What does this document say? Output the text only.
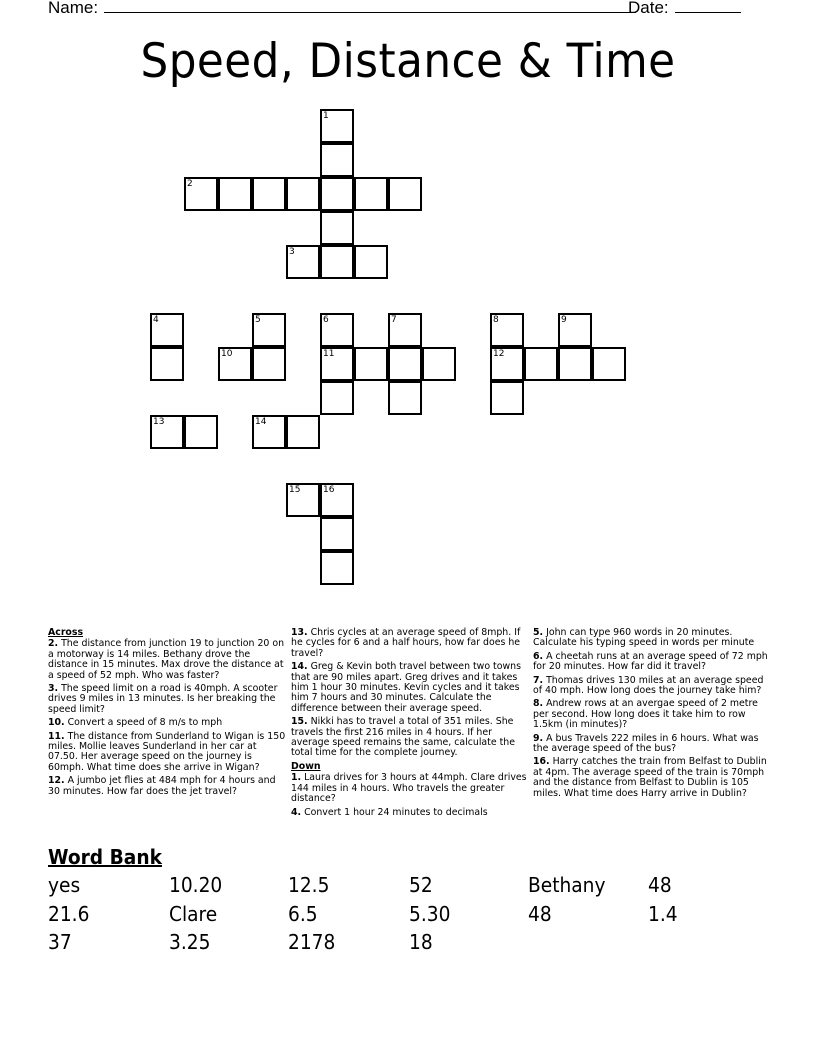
Name:	Date:
Speed, Distance & Time
1
2
3
4	5
10
6
11
7	8
12
9
13	14
15	16
Across
2. The distance from junction 19 to junction 20 on a motorway is 14 miles. Bethany drove the distance in 15 minutes. Max drove the distance at a speed of 52 mph. Who was faster?
3. The speed limit on a road is 40mph. A scooter drives 9 miles in 13 minutes. Is her breaking the speed limit?
10. Convert a speed of 8 m/s to mph
11. The distance from Sunderland to Wigan is 150 miles. Mollie leaves Sunderland in her car at 07.50. Her average speed on the journey is 60mph. What time does she arrive in Wigan?
12. A jumbo jet flies at 484 mph for 4 hours and 30 minutes. How far does the jet travel?
13. Chris cycles at an average speed of 8mph. If he cycles for 6 and a half hours, how far does he travel?
14. Greg & Kevin both travel between two towns that are 90 miles apart. Greg drives and it takes him 1 hour 30 minutes. Kevin cycles and it takes him 7 hours and 30 minutes. Calculate the difference between their average speed.
15. Nikki has to travel a total of 351 miles. She travels the first 216 miles in 4 hours. If her average speed remains the same, calculate the total time for the complete journey.
Down
1. Laura drives for 3 hours at 44mph. Clare drives 144 miles in 4 hours. Who travels the greater distance?
4. Convert 1 hour 24 minutes to decimals
5. John can type 960 words in 20 minutes. Calculate his typing speed in words per minute
6. A cheetah runs at an average speed of 72 mph for 20 minutes. How far did it travel?
7. Thomas drives 130 miles at an average speed of 40 mph. How long does the journey take him?
8. Andrew rows at an avergae speed of 2 metre per second. How long does it take him to row 1.5km (in minutes)?
9. A bus Travels 222 miles in 6 hours. What was the average speed of the bus?
16. Harry catches the train from Belfast to Dublin at 4pm. The average speed of the train is 70mph and the distance from Belfast to Dublin is 105 miles. What time does Harry arrive in Dublin?
Word Bank
yes	10.20	12.5	52	Bethany 48
21.6	Clare	6.5	5.30	48	1.4
37	3.25	2178	18
